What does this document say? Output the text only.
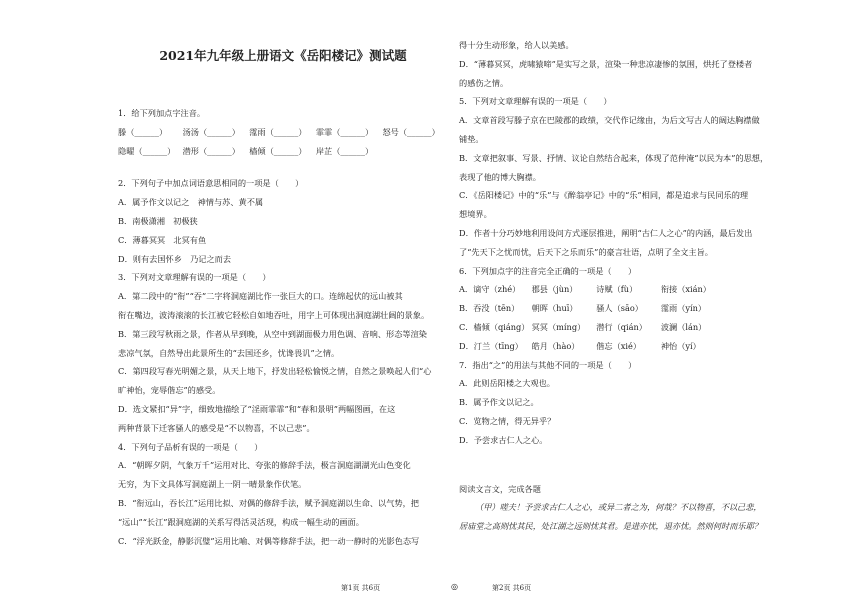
2021年九年级上册语文《岳阳楼记》测试题
1．给下列加点字注音。
滕（______） 汤汤（______） 霪雨（______） 霏霏（______） 怒号（______）
隐曜（______） 潜形（______） 樯倾（______） 岸芷（______）
2．下列句子中加点词语意思相同的一项是（　　）
A．属予作文以记之　神情与苏、黄不属
B．南极潇湘　初极狭
C．薄暮冥冥　北冥有鱼
D．则有去国怀乡　乃记之而去
3．下列对文章理解有误的一项是（　　）
A．第二段中的“衔”“吞”二字将洞庭湖比作一张巨大的口。连绵起伏的远山被其
衔在嘴边，波涛滚滚的长江被它轻松自如地吞吐，用字上可体现出洞庭湖壮阔的景象。
B．第三段写秋雨之景，作者从早到晚，从空中到湖面极力用色调、音响、形态等渲染
悲凉气氛，自然导出此景所生的“去国还乡，忧谗畏讥”之情。
C．第四段写春光明媚之景，从天上地下，抒发出轻松愉悦之情，自然之景唤起人们“心
旷神怡，宠辱偕忘”的感受。
D．选文紧扣“异”字，细致地描绘了“淫雨霏霏”和“春和景明”两幅图画，在这
两种背景下迁客骚人的感受是“不以物喜，不以己悲”。
4．下列句子品析有误的一项是（　　）
A．“朝晖夕阴，气象万千”运用对比、夸张的修辞手法，极言洞庭湖湖光山色变化
无穷，为下文具体写洞庭湖上一阴一晴景象作伏笔。
B．“衔远山，吞长江”运用比拟、对偶的修辞手法，赋予洞庭湖以生命、以气势，把
“远山”“长江”跟洞庭湖的关系写得活灵活现，构成一幅生动的画面。
C．“浮光跃金，静影沉璧”运用比喻、对偶等修辞手法，把一动一静时的光影色态写
得十分生动形象，给人以美感。
D．“薄暮冥冥，虎啸猿啼”是实写之景，渲染一种悲凉凄惨的氛围，烘托了登楼者
的感伤之情。
5．下列对文章理解有误的一项是（　　）
A．文章首段写滕子京在巴陵郡的政绩，交代作记缘由，为后文写古人的阔达胸襟做
铺垫。
B．文章把叙事、写景、抒情、议论自然结合起来，体现了范仲淹“以民为本”的思想，
表现了他的博大胸襟。
C．《岳阳楼记》中的“乐”与《醉翁亭记》中的“乐”相同，都是追求与民同乐的理
想境界。
D．作者十分巧妙地利用设问方式逐层推进，阐明“古仁人之心”的内涵，最后发出
了“先天下之忧而忧，后天下之乐而乐”的豪言壮语，点明了全文主旨。
6．下列加点字的注音完全正确的一项是（　　）
A．谪守（zhé） 郡县（jùn） 诗赋（fù）	衔接（xián）
B．吞没（tēn） 朝晖（huī） 骚人（sāo） 霪雨（yín）
C．樯倾（qiáng） 冥冥（míng） 潜行（qián） 波澜（lán）
D．汀兰（tīng） 皓月（hào） 偕忘（xié） 神怡（yí）
7．指出“之”的用法与其他不同的一项是（　　）
A．此则岳阳楼之大观也。
B．属予作文以记之。
C．览物之情，得无异乎？
D．予尝求古仁人之心。
阅读文言文，完成各题
（甲）嗟夫！予尝求古仁人之心，或异二者之为，何哉？不以物喜，不以己悲，
居庙堂之高则忧其民，处江湖之远则忧其君。是进亦忧，退亦忧。然则何时而乐耶？
第1页 共6页	◎	第2页 共6页
